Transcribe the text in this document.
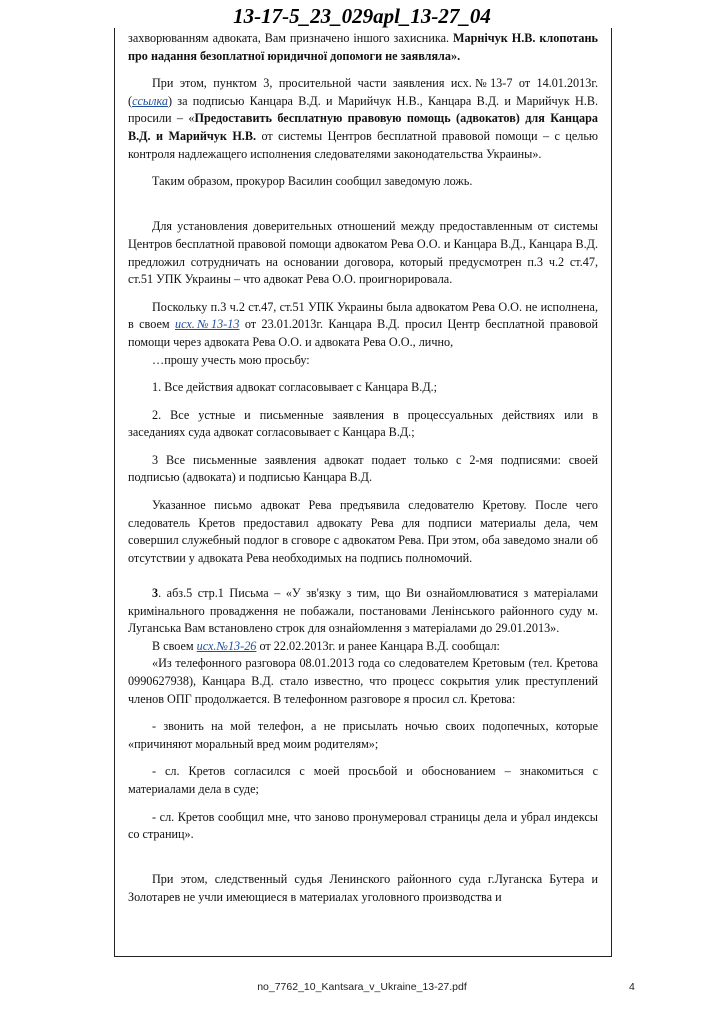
13-17-5_23_029apl_13-27_04

захворюванням адвоката, Вам призначено іншого захисника. Марнічук Н.В. клопотань про надання безоплатної юридичної допомоги не заявляла».

При этом, пунктом 3, просительной части заявления исх.№13-7 от 14.01.2013г. (ссылка) за подписью Канцара В.Д. и Марийчук Н.В., Канцара В.Д. и Марийчук Н.В. просили – «Предоставить бесплатную правовую помощь (адвокатов) для Канцара В.Д. и Марийчук Н.В. от системы Центров бесплатной правовой помощи – с целью контроля надлежащего исполнения следователями законодательства Украины».

Таким образом, прокурор Василин сообщил заведомую ложь.

Для установления доверительных отношений между предоставленным от системы Центров бесплатной правовой помощи адвокатом Рева О.О. и Канцара В.Д., Канцара В.Д. предложил сотрудничать на основании договора, который предусмотрен п.3 ч.2 ст.47, ст.51 УПК Украины – что адвокат Рева О.О. проигнорировала.

Поскольку п.3 ч.2 ст.47, ст.51 УПК Украины была адвокатом Рева О.О. не исполнена, в своем исх.№13-13 от 23.01.2013г. Канцара В.Д. просил Центр бесплатной правовой помощи через адвоката Рева О.О. и адвоката Рева О.О., лично,

…прошу учесть мою просьбу:

1. Все действия адвокат согласовывает с Канцара В.Д.;

2. Все устные и письменные заявления в процессуальных действиях или в заседаниях суда адвокат согласовывает с Канцара В.Д.;

3 Все письменные заявления адвокат подает только с 2-мя подписями: своей подписью (адвоката) и подписью Канцара В.Д.

Указанное письмо адвокат Рева предъявила следователю Кретову. После чего следователь Кретов предоставил адвокату Рева для подписи материалы дела, чем совершил служебный подлог в сговоре с адвокатом Рева. При этом, оба заведомо знали об отсутствии у адвоката Рева необходимых на подпись полномочий.

3. абз.5 стр.1 Письма – «У зв'язку з тим, що Ви ознайомлюватися з матеріалами кримінального провадження не побажали, постановами Ленінського районного суду м. Луганська Вам встановлено строк для ознайомлення з матеріалами до 29.01.2013».

В своем исх.№13-26 от 22.02.2013г. и ранее Канцара В.Д. сообщал:

«Из телефонного разговора 08.01.2013 года со следователем Кретовым (тел. Кретова 0990627938), Канцара В.Д. стало известно, что процесс сокрытия улик преступлений членов ОПГ продолжается. В телефонном разговоре я просил сл. Кретова:

- звонить на мой телефон, а не присылать ночью своих подопечных, которые «причиняют моральный вред моим родителям»;

- сл. Кретов согласился с моей просьбой и обоснованием – знакомиться с материалами дела в суде;

- сл. Кретов сообщил мне, что заново пронумеровал страницы дела и убрал индексы со страниц».

При этом, следственный судья Ленинского районного суда г.Луганска Бутера и Золотарев не учли имеющиеся в материалах уголовного производства и

no_7762_10_Kantsara_v_Ukraine_13-27.pdf	4
